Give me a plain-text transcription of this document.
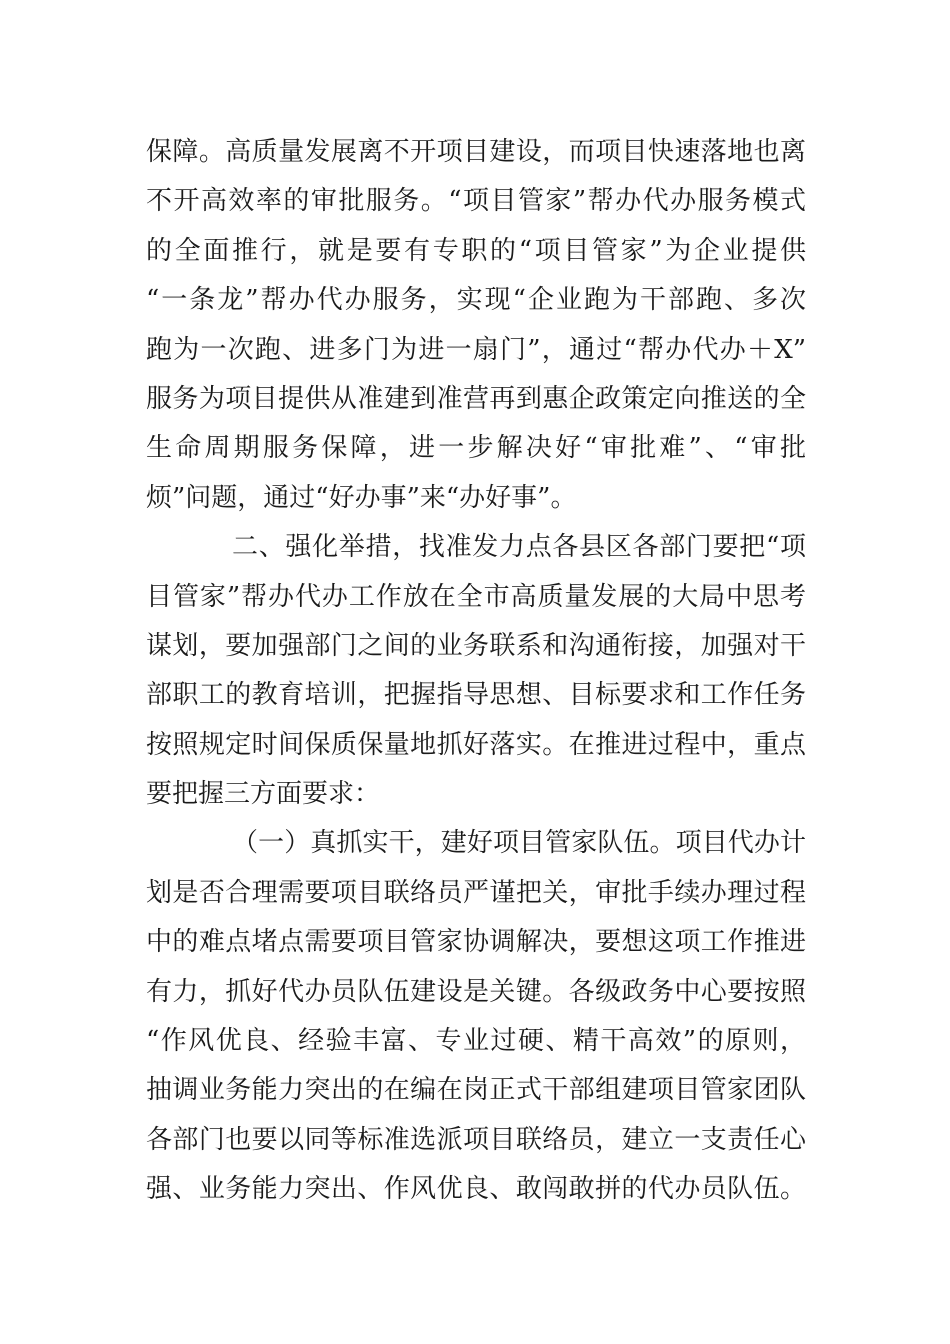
保障。高质量发展离不开项目建设，而项目快速落地也离
不开高效率的审批服务。“项目管家”帮办代办服务模式
的全面推行，就是要有专职的“项目管家”为企业提供
“一条龙”帮办代办服务，实现“企业跑为干部跑、多次
跑为一次跑、进多门为进一扇门”，通过“帮办代办＋X”
服务为项目提供从准建到准营再到惠企政策定向推送的全
生命周期服务保障，进一步解决好“审批难”、“审批
烦”问题，通过“好办事”来“办好事”。
二、强化举措，找准发力点各县区各部门要把“项
目管家”帮办代办工作放在全市高质量发展的大局中思考
谋划，要加强部门之间的业务联系和沟通衔接，加强对干
部职工的教育培训，把握指导思想、目标要求和工作任务
按照规定时间保质保量地抓好落实。在推进过程中，重点
要把握三方面要求：
（一）真抓实干，建好项目管家队伍。项目代办计
划是否合理需要项目联络员严谨把关，审批手续办理过程
中的难点堵点需要项目管家协调解决，要想这项工作推进
有力，抓好代办员队伍建设是关键。各级政务中心要按照
“作风优良、经验丰富、专业过硬、精干高效”的原则，
抽调业务能力突出的在编在岗正式干部组建项目管家团队
各部门也要以同等标准选派项目联络员，建立一支责任心
强、业务能力突出、作风优良、敢闯敢拼的代办员队伍。
